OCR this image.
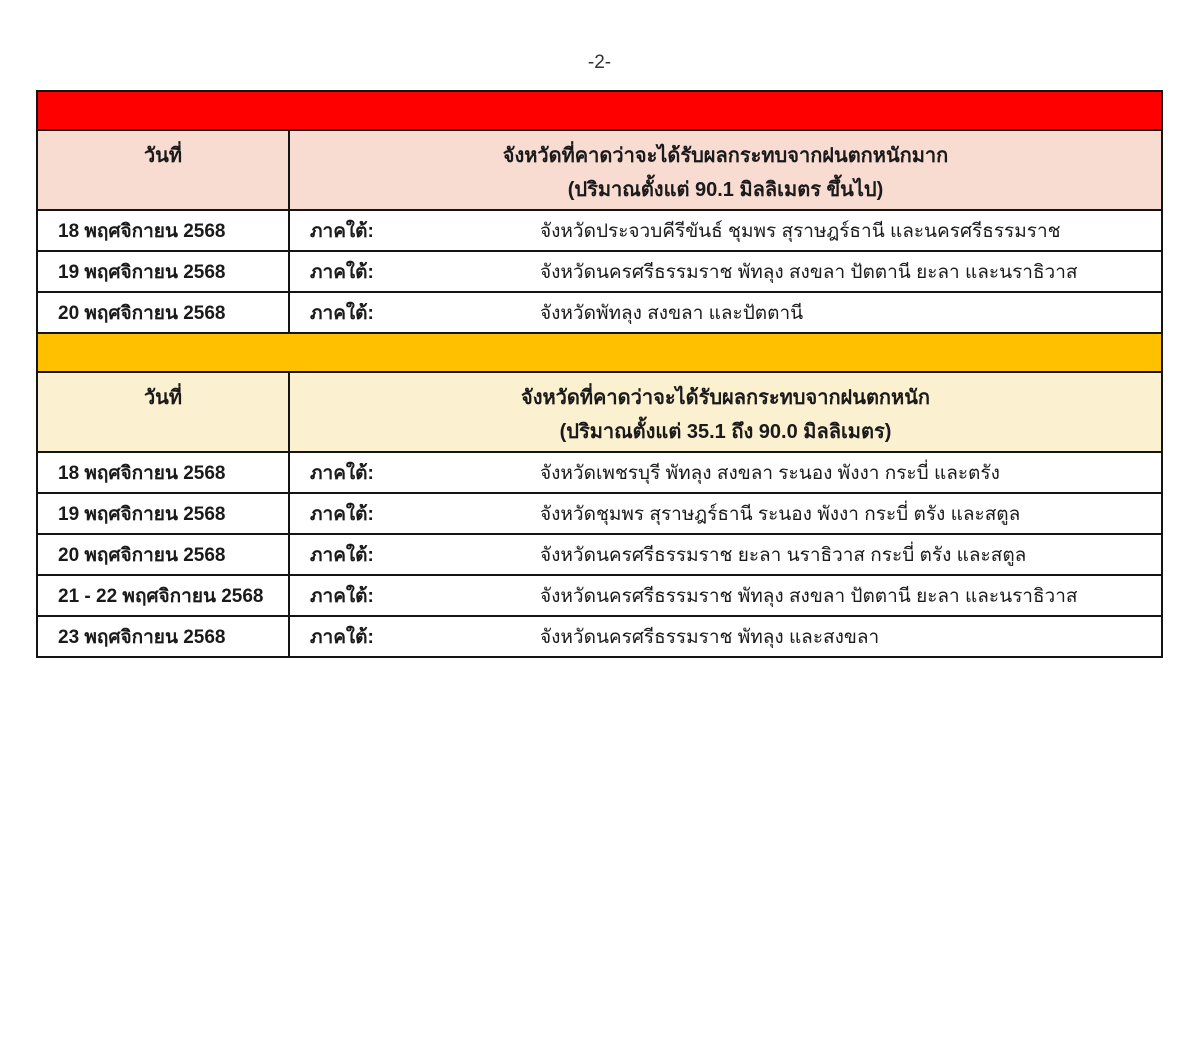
-2-
วันที่	จังหวัดที่คาดว่าจะได้รับผลกระทบจากฝนตกหนักมาก
(ปริมาณตั้งแต่ 90.1 มิลลิเมตร ขึ้นไป)
18 พฤศจิกายน 2568	ภาคใต้:	จังหวัดประจวบคีรีขันธ์ ชุมพร สุราษฎร์ธานี และนครศรีธรรมราช
19 พฤศจิกายน 2568	ภาคใต้:	จังหวัดนครศรีธรรมราช พัทลุง สงขลา ปัตตานี ยะลา และนราธิวาส
20 พฤศจิกายน 2568	ภาคใต้:	จังหวัดพัทลุง สงขลา และปัตตานี
วันที่	จังหวัดที่คาดว่าจะได้รับผลกระทบจากฝนตกหนัก
(ปริมาณตั้งแต่ 35.1 ถึง 90.0 มิลลิเมตร)
18 พฤศจิกายน 2568	ภาคใต้:	จังหวัดเพชรบุรี พัทลุง สงขลา ระนอง พังงา กระบี่ และตรัง
19 พฤศจิกายน 2568	ภาคใต้:	จังหวัดชุมพร สุราษฎร์ธานี ระนอง พังงา กระบี่ ตรัง และสตูล
20 พฤศจิกายน 2568	ภาคใต้:	จังหวัดนครศรีธรรมราช ยะลา นราธิวาส กระบี่ ตรัง และสตูล
21 - 22 พฤศจิกายน 2568	ภาคใต้:	จังหวัดนครศรีธรรมราช พัทลุง สงขลา ปัตตานี ยะลา และนราธิวาส
23 พฤศจิกายน 2568	ภาคใต้:	จังหวัดนครศรีธรรมราช พัทลุง และสงขลา
